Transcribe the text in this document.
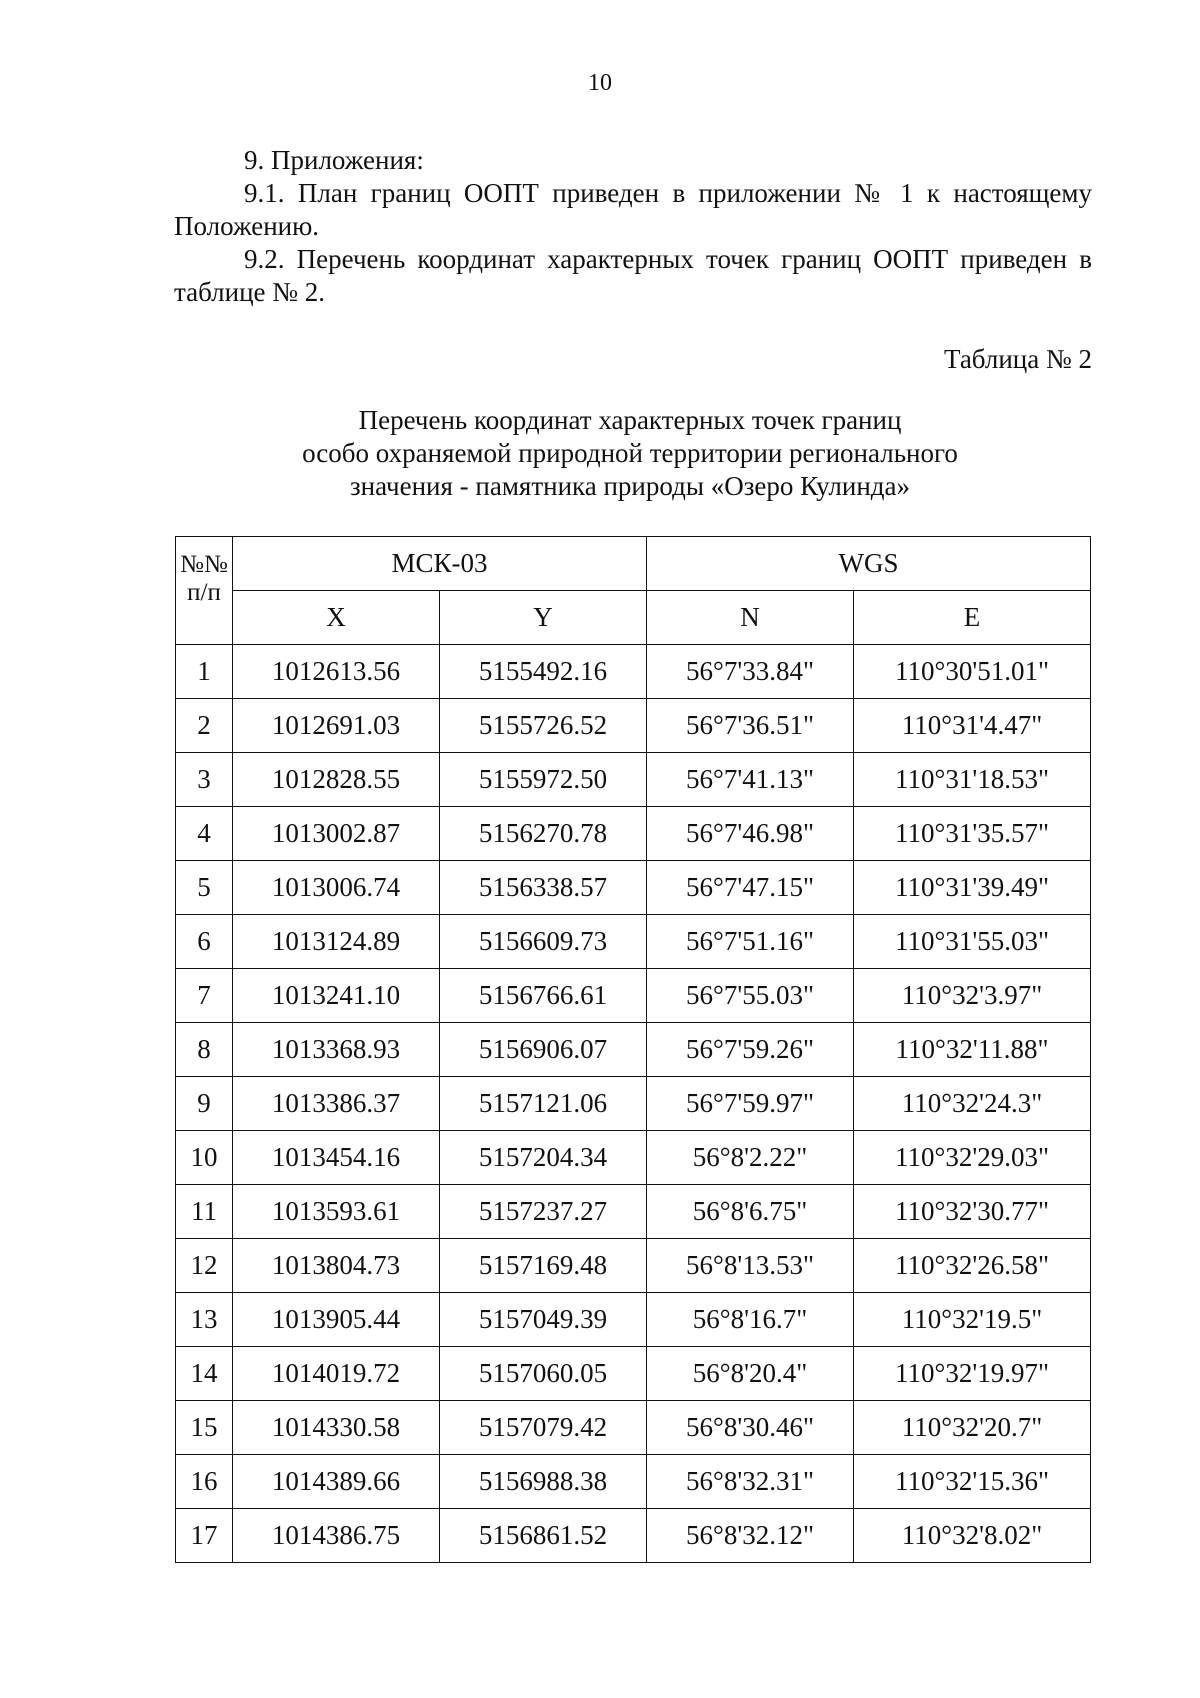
10

9. Приложения:

9.1. План границ ООПТ приведен в приложении № 1 к настоящему Положению.

9.2. Перечень координат характерных точек границ ООПТ приведен в таблице № 2.

Таблица № 2
Перечень координат характерных точек границ
особо охраняемой природной территории регионального
значения - памятника природы «Озеро Кулинда»
№№
п/п	МСК-03		WGS	
	X	Y	N	E
1	1012613.56	5155492.16	56°7'33.84"	110°30'51.01"
2	1012691.03	5155726.52	56°7'36.51"	110°31'4.47"
3	1012828.55	5155972.50	56°7'41.13"	110°31'18.53"
4	1013002.87	5156270.78	56°7'46.98"	110°31'35.57"
5	1013006.74	5156338.57	56°7'47.15"	110°31'39.49"
6	1013124.89	5156609.73	56°7'51.16"	110°31'55.03"
7	1013241.10	5156766.61	56°7'55.03"	110°32'3.97"
8	1013368.93	5156906.07	56°7'59.26"	110°32'11.88"
9	1013386.37	5157121.06	56°7'59.97"	110°32'24.3"
10	1013454.16	5157204.34	56°8'2.22"	110°32'29.03"
11	1013593.61	5157237.27	56°8'6.75"	110°32'30.77"
12	1013804.73	5157169.48	56°8'13.53"	110°32'26.58"
13	1013905.44	5157049.39	56°8'16.7"	110°32'19.5"
14	1014019.72	5157060.05	56°8'20.4"	110°32'19.97"
15	1014330.58	5157079.42	56°8'30.46"	110°32'20.7"
16	1014389.66	5156988.38	56°8'32.31"	110°32'15.36"
17	1014386.75	5156861.52	56°8'32.12"	110°32'8.02"
